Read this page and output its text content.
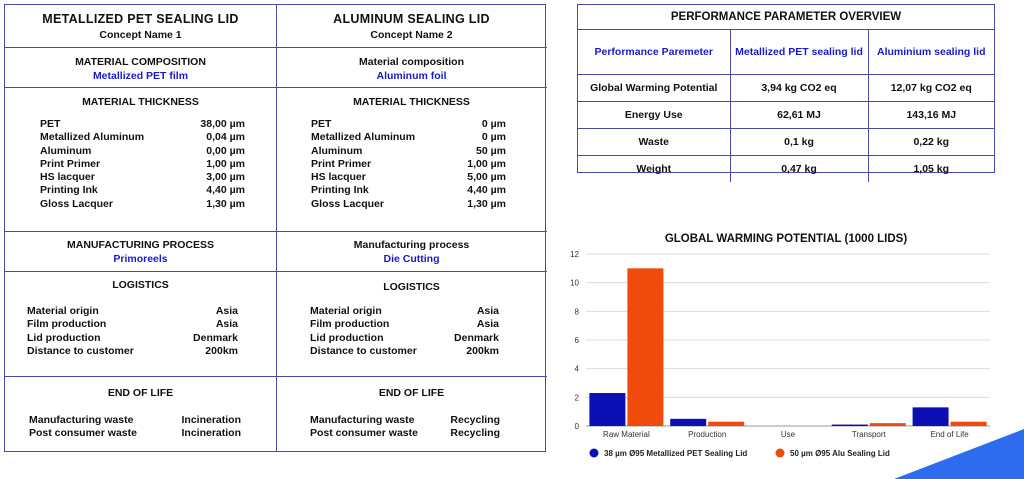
METALLIZED PET SEALING LID
Concept Name 1
MATERIAL COMPOSITION
Metallized PET film
MATERIAL THICKNESS
PET	38,00 µm
Metallized Aluminum	0,04 µm
Aluminum	0,00 µm
Print Primer	1,00 µm
HS lacquer	3,00 µm
Printing Ink	4,40 µm
Gloss Lacquer	1,30 µm
MANUFACTURING PROCESS
Primoreels
LOGISTICS
Material origin	Asia
Film production	Asia
Lid production	Denmark
Distance to customer	200km
END OF LIFE
Manufacturing waste	Incineration
Post consumer waste	Incineration
ALUMINUM SEALING LID
Concept Name 2
Material composition
Aluminum foil
MATERIAL THICKNESS
PET	0 µm
Metallized Aluminum	0 µm
Aluminum	50 µm
Print Primer	1,00 µm
HS lacquer	5,00 µm
Printing Ink	4,40 µm
Gloss Lacquer	1,30 µm
Manufacturing process
Die Cutting
LOGISTICS
Material origin	Asia
Film production	Asia
Lid production	Denmark
Distance to customer	200km
END OF LIFE
Manufacturing waste	Recycling
Post consumer waste	Recycling
PERFORMANCE PARAMETER OVERVIEW
Performance Paremeter	Metallized PET sealing lid	Aluminium sealing lid
Global Warming Potential	3,94 kg CO2 eq	12,07 kg CO2 eq
Energy Use	62,61 MJ	143,16 MJ
Waste	0,1 kg	0,22 kg
Weight	0,47 kg	1,05 kg
GLOBAL WARMING POTENTIAL (1000 LIDS)
0
2
4
6
8
10
12
Raw Material	Production	Use	Transport	End of Life
38 µm Ø95 Metallized PET Sealing Lid	50 µm Ø95 Alu Sealing Lid
